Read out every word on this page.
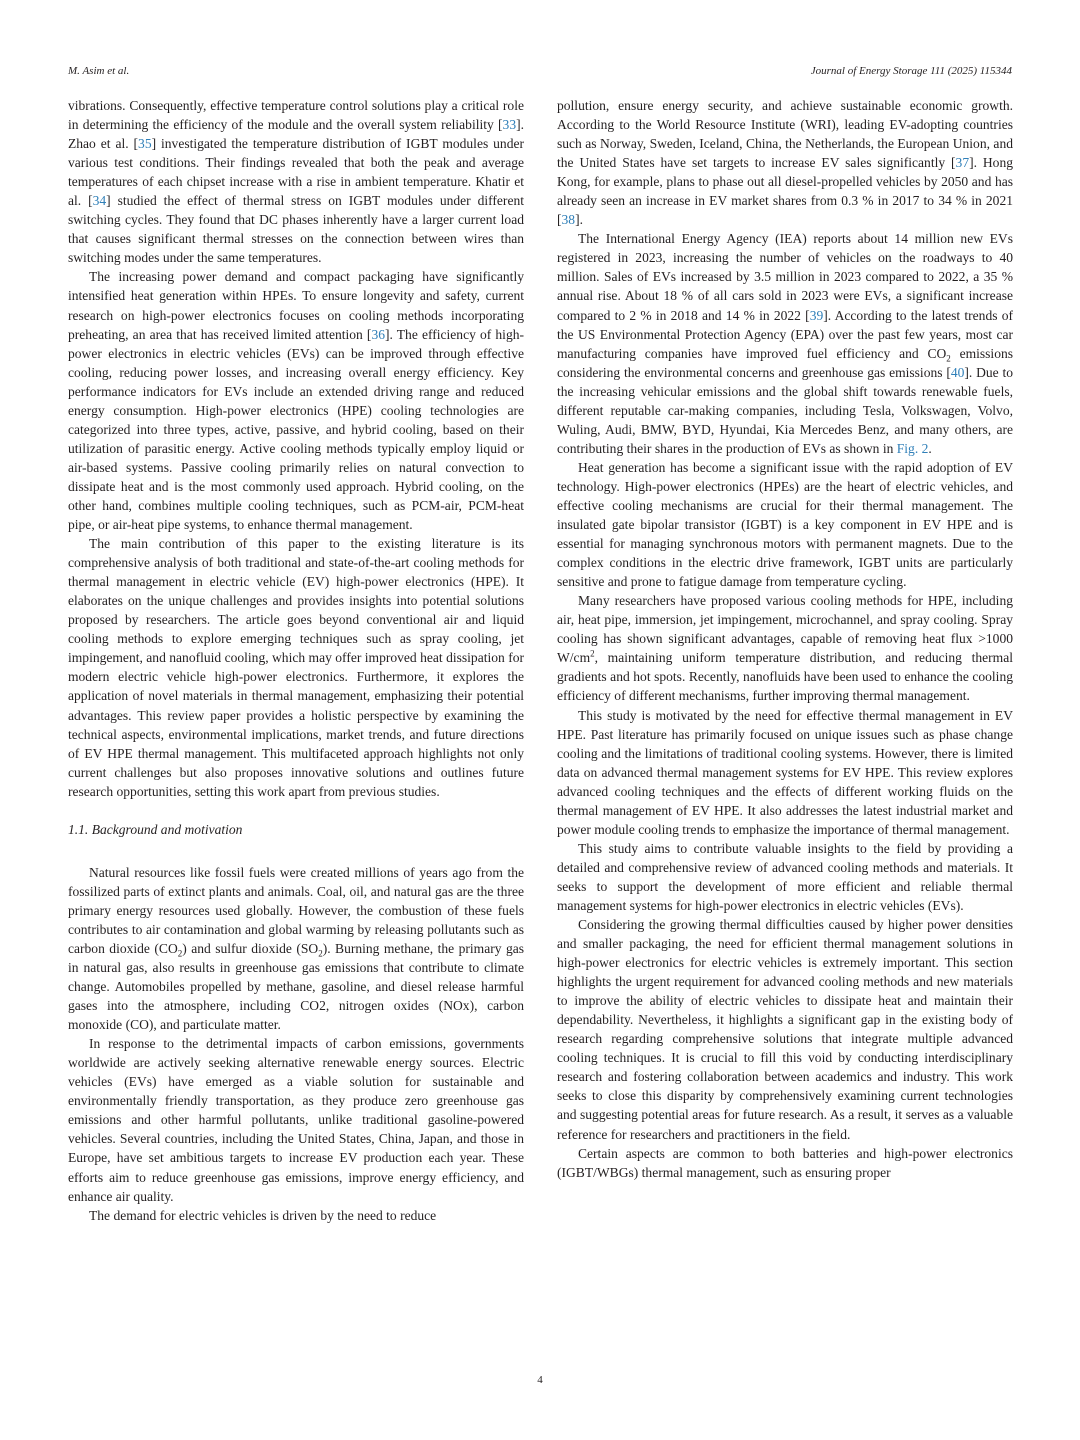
M. Asim et al.	Journal of Energy Storage 111 (2025) 115344

vibrations. Consequently, effective temperature control solutions play a critical role in determining the efficiency of the module and the overall system reliability [33]. Zhao et al. [35] investigated the temperature distribution of IGBT modules under various test conditions. Their findings revealed that both the peak and average temperatures of each chipset increase with a rise in ambient temperature. Khatir et al. [34] studied the effect of thermal stress on IGBT modules under different switching cycles. They found that DC phases inherently have a larger current load that causes significant thermal stresses on the connection between wires than switching modes under the same temperatures.

The increasing power demand and compact packaging have significantly intensified heat generation within HPEs. To ensure longevity and safety, current research on high-power electronics focuses on cooling methods incorporating preheating, an area that has received limited attention [36]. The efficiency of high-power electronics in electric vehicles (EVs) can be improved through effective cooling, reducing power losses, and increasing overall energy efficiency. Key performance indicators for EVs include an extended driving range and reduced energy consumption. High-power electronics (HPE) cooling technologies are categorized into three types, active, passive, and hybrid cooling, based on their utilization of parasitic energy. Active cooling methods typically employ liquid or air-based systems. Passive cooling primarily relies on natural convection to dissipate heat and is the most commonly used approach. Hybrid cooling, on the other hand, combines multiple cooling techniques, such as PCM-air, PCM-heat pipe, or air-heat pipe systems, to enhance thermal management.

The main contribution of this paper to the existing literature is its comprehensive analysis of both traditional and state-of-the-art cooling methods for thermal management in electric vehicle (EV) high-power electronics (HPE). It elaborates on the unique challenges and provides insights into potential solutions proposed by researchers. The article goes beyond conventional air and liquid cooling methods to explore emerging techniques such as spray cooling, jet impingement, and nanofluid cooling, which may offer improved heat dissipation for modern electric vehicle high-power electronics. Furthermore, it explores the application of novel materials in thermal management, emphasizing their potential advantages. This review paper provides a holistic perspective by examining the technical aspects, environmental implications, market trends, and future directions of EV HPE thermal management. This multifaceted approach highlights not only current challenges but also proposes innovative solutions and outlines future research opportunities, setting this work apart from previous studies.

1.1. Background and motivation

Natural resources like fossil fuels were created millions of years ago from the fossilized parts of extinct plants and animals. Coal, oil, and natural gas are the three primary energy resources used globally. However, the combustion of these fuels contributes to air contamination and global warming by releasing pollutants such as carbon dioxide $(CO_2)$ and sulfur dioxide $(SO_2)$. Burning methane, the primary gas in natural gas, also results in greenhouse gas emissions that contribute to climate change. Automobiles propelled by methane, gasoline, and diesel release harmful gases into the atmosphere, including CO2, nitrogen oxides (NOx), carbon monoxide (CO), and particulate matter.

In response to the detrimental impacts of carbon emissions, governments worldwide are actively seeking alternative renewable energy sources. Electric vehicles (EVs) have emerged as a viable solution for sustainable and environmentally friendly transportation, as they produce zero greenhouse gas emissions and other harmful pollutants, unlike traditional gasoline-powered vehicles. Several countries, including the United States, China, Japan, and those in Europe, have set ambitious targets to increase EV production each year. These efforts aim to reduce greenhouse gas emissions, improve energy efficiency, and enhance air quality.

The demand for electric vehicles is driven by the need to reduce

pollution, ensure energy security, and achieve sustainable economic growth. According to the World Resource Institute (WRI), leading EV-adopting countries such as Norway, Sweden, Iceland, China, the Netherlands, the European Union, and the United States have set targets to increase EV sales significantly [37]. Hong Kong, for example, plans to phase out all diesel-propelled vehicles by 2050 and has already seen an increase in EV market shares from 0.3 % in 2017 to 34 % in 2021 [38].

The International Energy Agency (IEA) reports about 14 million new EVs registered in 2023, increasing the number of vehicles on the roadways to 40 million. Sales of EVs increased by 3.5 million in 2023 compared to 2022, a 35 % annual rise. About 18 % of all cars sold in 2023 were EVs, a significant increase compared to 2 % in 2018 and 14 % in 2022 [39]. According to the latest trends of the US Environmental Protection Agency (EPA) over the past few years, most car manufacturing companies have improved fuel efficiency and $CO_2$ emissions considering the environmental concerns and greenhouse gas emissions [40]. Due to the increasing vehicular emissions and the global shift towards renewable fuels, different reputable car-making companies, including Tesla, Volkswagen, Volvo, Wuling, Audi, BMW, BYD, Hyundai, Kia Mercedes Benz, and many others, are contributing their shares in the production of EVs as shown in Fig. 2.

Heat generation has become a significant issue with the rapid adoption of EV technology. High-power electronics (HPEs) are the heart of electric vehicles, and effective cooling mechanisms are crucial for their thermal management. The insulated gate bipolar transistor (IGBT) is a key component in EV HPE and is essential for managing synchronous motors with permanent magnets. Due to the complex conditions in the electric drive framework, IGBT units are particularly sensitive and prone to fatigue damage from temperature cycling.

Many researchers have proposed various cooling methods for HPE, including air, heat pipe, immersion, jet impingement, microchannel, and spray cooling. Spray cooling has shown significant advantages, capable of removing heat flux >1000 $W/cm^2$, maintaining uniform temperature distribution, and reducing thermal gradients and hot spots. Recently, nanofluids have been used to enhance the cooling efficiency of different mechanisms, further improving thermal management.

This study is motivated by the need for effective thermal management in EV HPE. Past literature has primarily focused on unique issues such as phase change cooling and the limitations of traditional cooling systems. However, there is limited data on advanced thermal management systems for EV HPE. This review explores advanced cooling techniques and the effects of different working fluids on the thermal management of EV HPE. It also addresses the latest industrial market and power module cooling trends to emphasize the importance of thermal management.

This study aims to contribute valuable insights to the field by providing a detailed and comprehensive review of advanced cooling methods and materials. It seeks to support the development of more efficient and reliable thermal management systems for high-power electronics in electric vehicles (EVs).

Considering the growing thermal difficulties caused by higher power densities and smaller packaging, the need for efficient thermal management solutions in high-power electronics for electric vehicles is extremely important. This section highlights the urgent requirement for advanced cooling methods and new materials to improve the ability of electric vehicles to dissipate heat and maintain their dependability. Nevertheless, it highlights a significant gap in the existing body of research regarding comprehensive solutions that integrate multiple advanced cooling techniques. It is crucial to fill this void by conducting interdisciplinary research and fostering collaboration between academics and industry. This work seeks to close this disparity by comprehensively examining current technologies and suggesting potential areas for future research. As a result, it serves as a valuable reference for researchers and practitioners in the field.

Certain aspects are common to both batteries and high-power electronics (IGBT/WBGs) thermal management, such as ensuring proper

4
